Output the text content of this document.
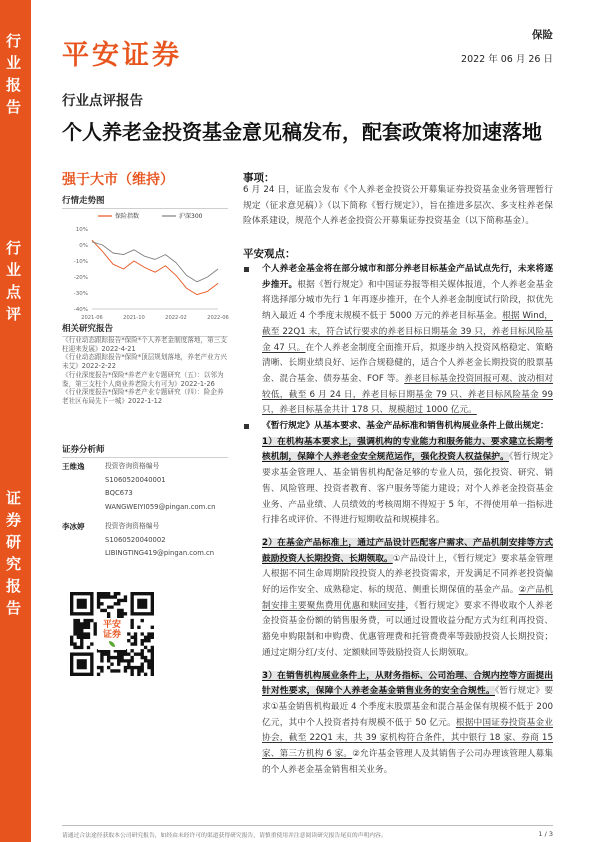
行业报告
行业点评
证券研究报告
平安证券
保险
2022 年 06 月 26 日
行业点评报告
个人养老金投资基金意见稿发布，配套政策将加速落地
强于大市（维持）
行情走势图
10%
0%
-10%
-20%
-30%
-40%
2021-06	2021-10	2022-02	2022-06
保险指数	沪深300
相关研究报告
《行业动态跟踪报告*保险*个人养老金制度落地，第三支柱迎来发展》2022-4-21
《行业动态跟踪报告*保险*顶层规划落地，养老产业方兴未艾》2022-2-22
《行业深度报告*保险*养老产业专题研究（五）：以邻为鉴，第三支柱个人商业养老险大有可为》2022-1-26
《行业深度报告*保险*养老产业专题研究（四）：险企养老社区布局先下一城》2022-1-12
证券分析师
王维逸	投资咨询资格编号
S1060520040001
BQC673
WANGWEIYI059@pingan.com.cn
李冰婷	投资咨询资格编号
S1060520040002
LIBINGTING419@pingan.com.cn
平安证券
事项：

6 月 24 日，证监会发布《个人养老金投资公开募集证券投资基金业务管理暂行规定（征求意见稿）》（以下简称《暂行规定》），旨在推进多层次、多支柱养老保险体系建设，规范个人养老金投资公开募集证券投资基金（以下简称基金）。

平安观点：

个人养老金基金将在部分城市和部分养老目标基金产品试点先行，未来将逐步推开。根据《暂行规定》和中国证券报等相关媒体报道，个人养老金基金将选择部分城市先行 1 年再逐步推开，在个人养老金制度试行阶段，拟优先纳入最近 4 个季度末规模不低于 5000 万元的养老目标基金。根据 Wind，截至 22Q1 末，符合试行要求的养老目标日期基金 39 只，养老目标风险基金 47 只。在个人养老金制度全面推开后，拟逐步纳入投资风格稳定、策略清晰、长期业绩良好、运作合规稳健的，适合个人养老金长期投资的股票基金、混合基金、债券基金、FOF 等。养老目标基金投资回报可观、波动相对较低，截至 6 月 24 日，养老目标日期基金 79 只、养老目标风险基金 99 只，养老目标基金共计 178 只、规模超过 1000 亿元。

《暂行规定》从基本要求、基金产品标准和销售机构展业条件上做出规定：

1）在机构基本要求上，强调机构的专业能力和服务能力、要求建立长期考核机制，保障个人养老金安全规范运作，强化投资人权益保护。《暂行规定》要求基金管理人、基金销售机构配备足够的专业人员，强化投资、研究、销售、风险管理、投资者教育、客户服务等能力建设；对个人养老金投资基金业务、产品业绩、人员绩效的考核周期不得短于 5 年，不得使用单一指标进行排名或评价、不得进行短期收益和规模排名。

2）在基金产品标准上，通过产品设计匹配客户需求、产品机制安排等方式鼓励投资人长期投资、长期领取。①产品设计上，《暂行规定》要求基金管理人根据不同生命周期阶段投资人的养老投资需求，开发满足不同养老投资偏好的运作安全、成熟稳定、标的规范、侧重长期保值的基金产品。②产品机制安排主要聚焦费用优惠和赎回安排，《暂行规定》要求不得收取个人养老金投资基金份额的销售服务费，可以通过设置收益分配方式为红利再投资、豁免申购限制和申购费、优惠管理费和托管费费率等鼓励投资人长期投资；通过定期分红/支付、定额赎回等鼓励投资人长期领取。

3）在销售机构展业条件上，从财务指标、公司治理、合规内控等方面提出针对性要求，保障个人养老金基金销售业务的安全合规性。《暂行规定》要求①基金销售机构最近 4 个季度末股票基金和混合基金保有规模不低于 200 亿元，其中个人投资者持有规模不低于 50 亿元。根据中国证券投资基金业协会，截至 22Q1 末，共 39 家机构符合条件，其中银行 18 家、券商 15 家、第三方机构 6 家。②允许基金管理人及其销售子公司办理该管理人募集的个人养老金基金销售相关业务。

请通过合法途径获取本公司研究报告，如经由未经许可的渠道获得研究报告，请慎重使用并注意阅读研究报告尾页的声明内容。	1 / 3
